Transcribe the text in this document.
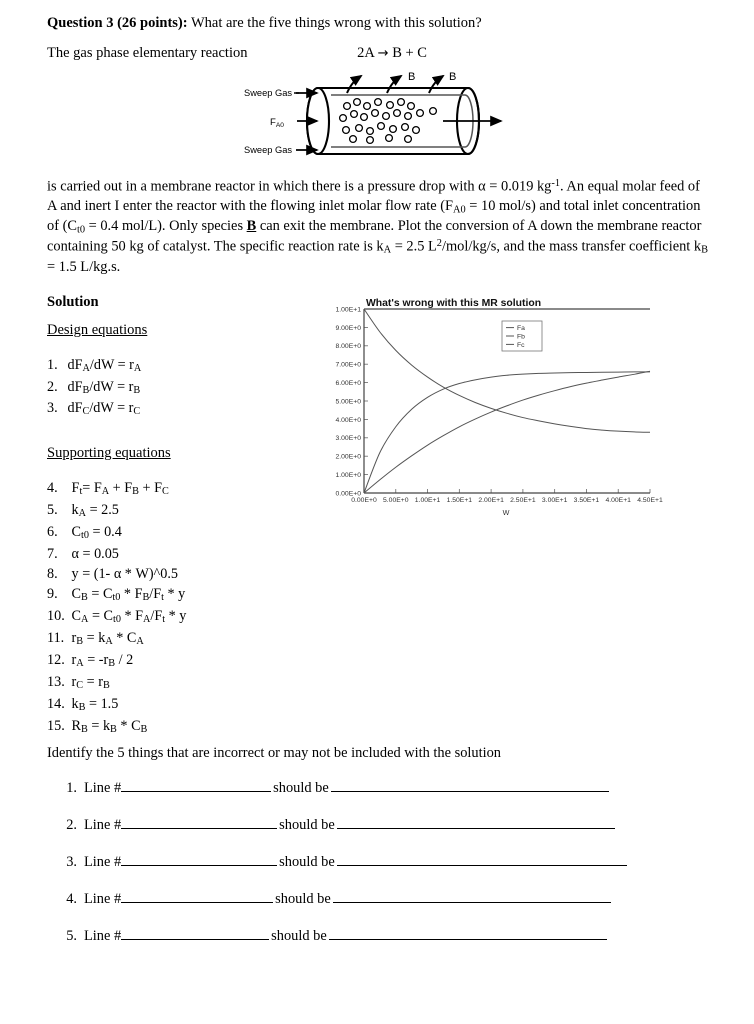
Question 3 (26 points): What are the five things wrong with this solution?
The gas phase elementary reaction	2A → B + C
Sweep Gas
$F_{A0}$
Sweep Gas
B	B
is carried out in a membrane reactor in which there is a pressure drop with α = 0.019 $kg^{-1}$. An equal molar feed of A and inert I enter the reactor with the flowing inlet molar flow rate ($F_{A0} = 10$ mol/s) and total inlet concentration of ($C_{t0} = 0.4$ mol/L). Only species B can exit the membrane. Plot the conversion of A down the membrane reactor containing 50 kg of catalyst. The specific reaction rate is $k_A = 2.5$ $L^2/mol/kg/s$, and the mass transfer coefficient $k_B = 1.5$ L/kg.s.
Solution
Design equations
1. $dF_A/dW = r_A$
2. $dF_B/dW = r_B$
3. $dF_C/dW = r_C$
Supporting equations
4. $F_t= F_A + F_B + F_C$
5. $k_A = 2.5$
6. $C_{t0} = 0.4$
7. α = 0.05
8. y = (1- α * W)^0.5
9. $C_B = C_{t0} * F_B/F_t * y$
10. $C_A = C_{t0} * F_A/F_t * y$
11. $r_B = k_A * C_A$
12. $r_A = -r_B / 2$
13. $r_C = r_B$
14. $k_B = 1.5$
15. $R_B = k_B * C_B$
What's wrong with this MR solution
0.00E+0
1.00E+0
2.00E+0
3.00E+0
4.00E+0
5.00E+0
6.00E+0
7.00E+0
8.00E+0
9.00E+0
1.00E+1
0.00E+0 5.00E+0 1.00E+1 1.50E+1 2.00E+1 2.50E+1 3.00E+1 3.50E+1 4.00E+1 4.50E+1
Fa
Fb
Fc
W
Identify the 5 things that are incorrect or may not be included with the solution
1. Line #	should be
2. Line #	should be
3. Line #	should be
4. Line #	should be
5. Line #	should be
